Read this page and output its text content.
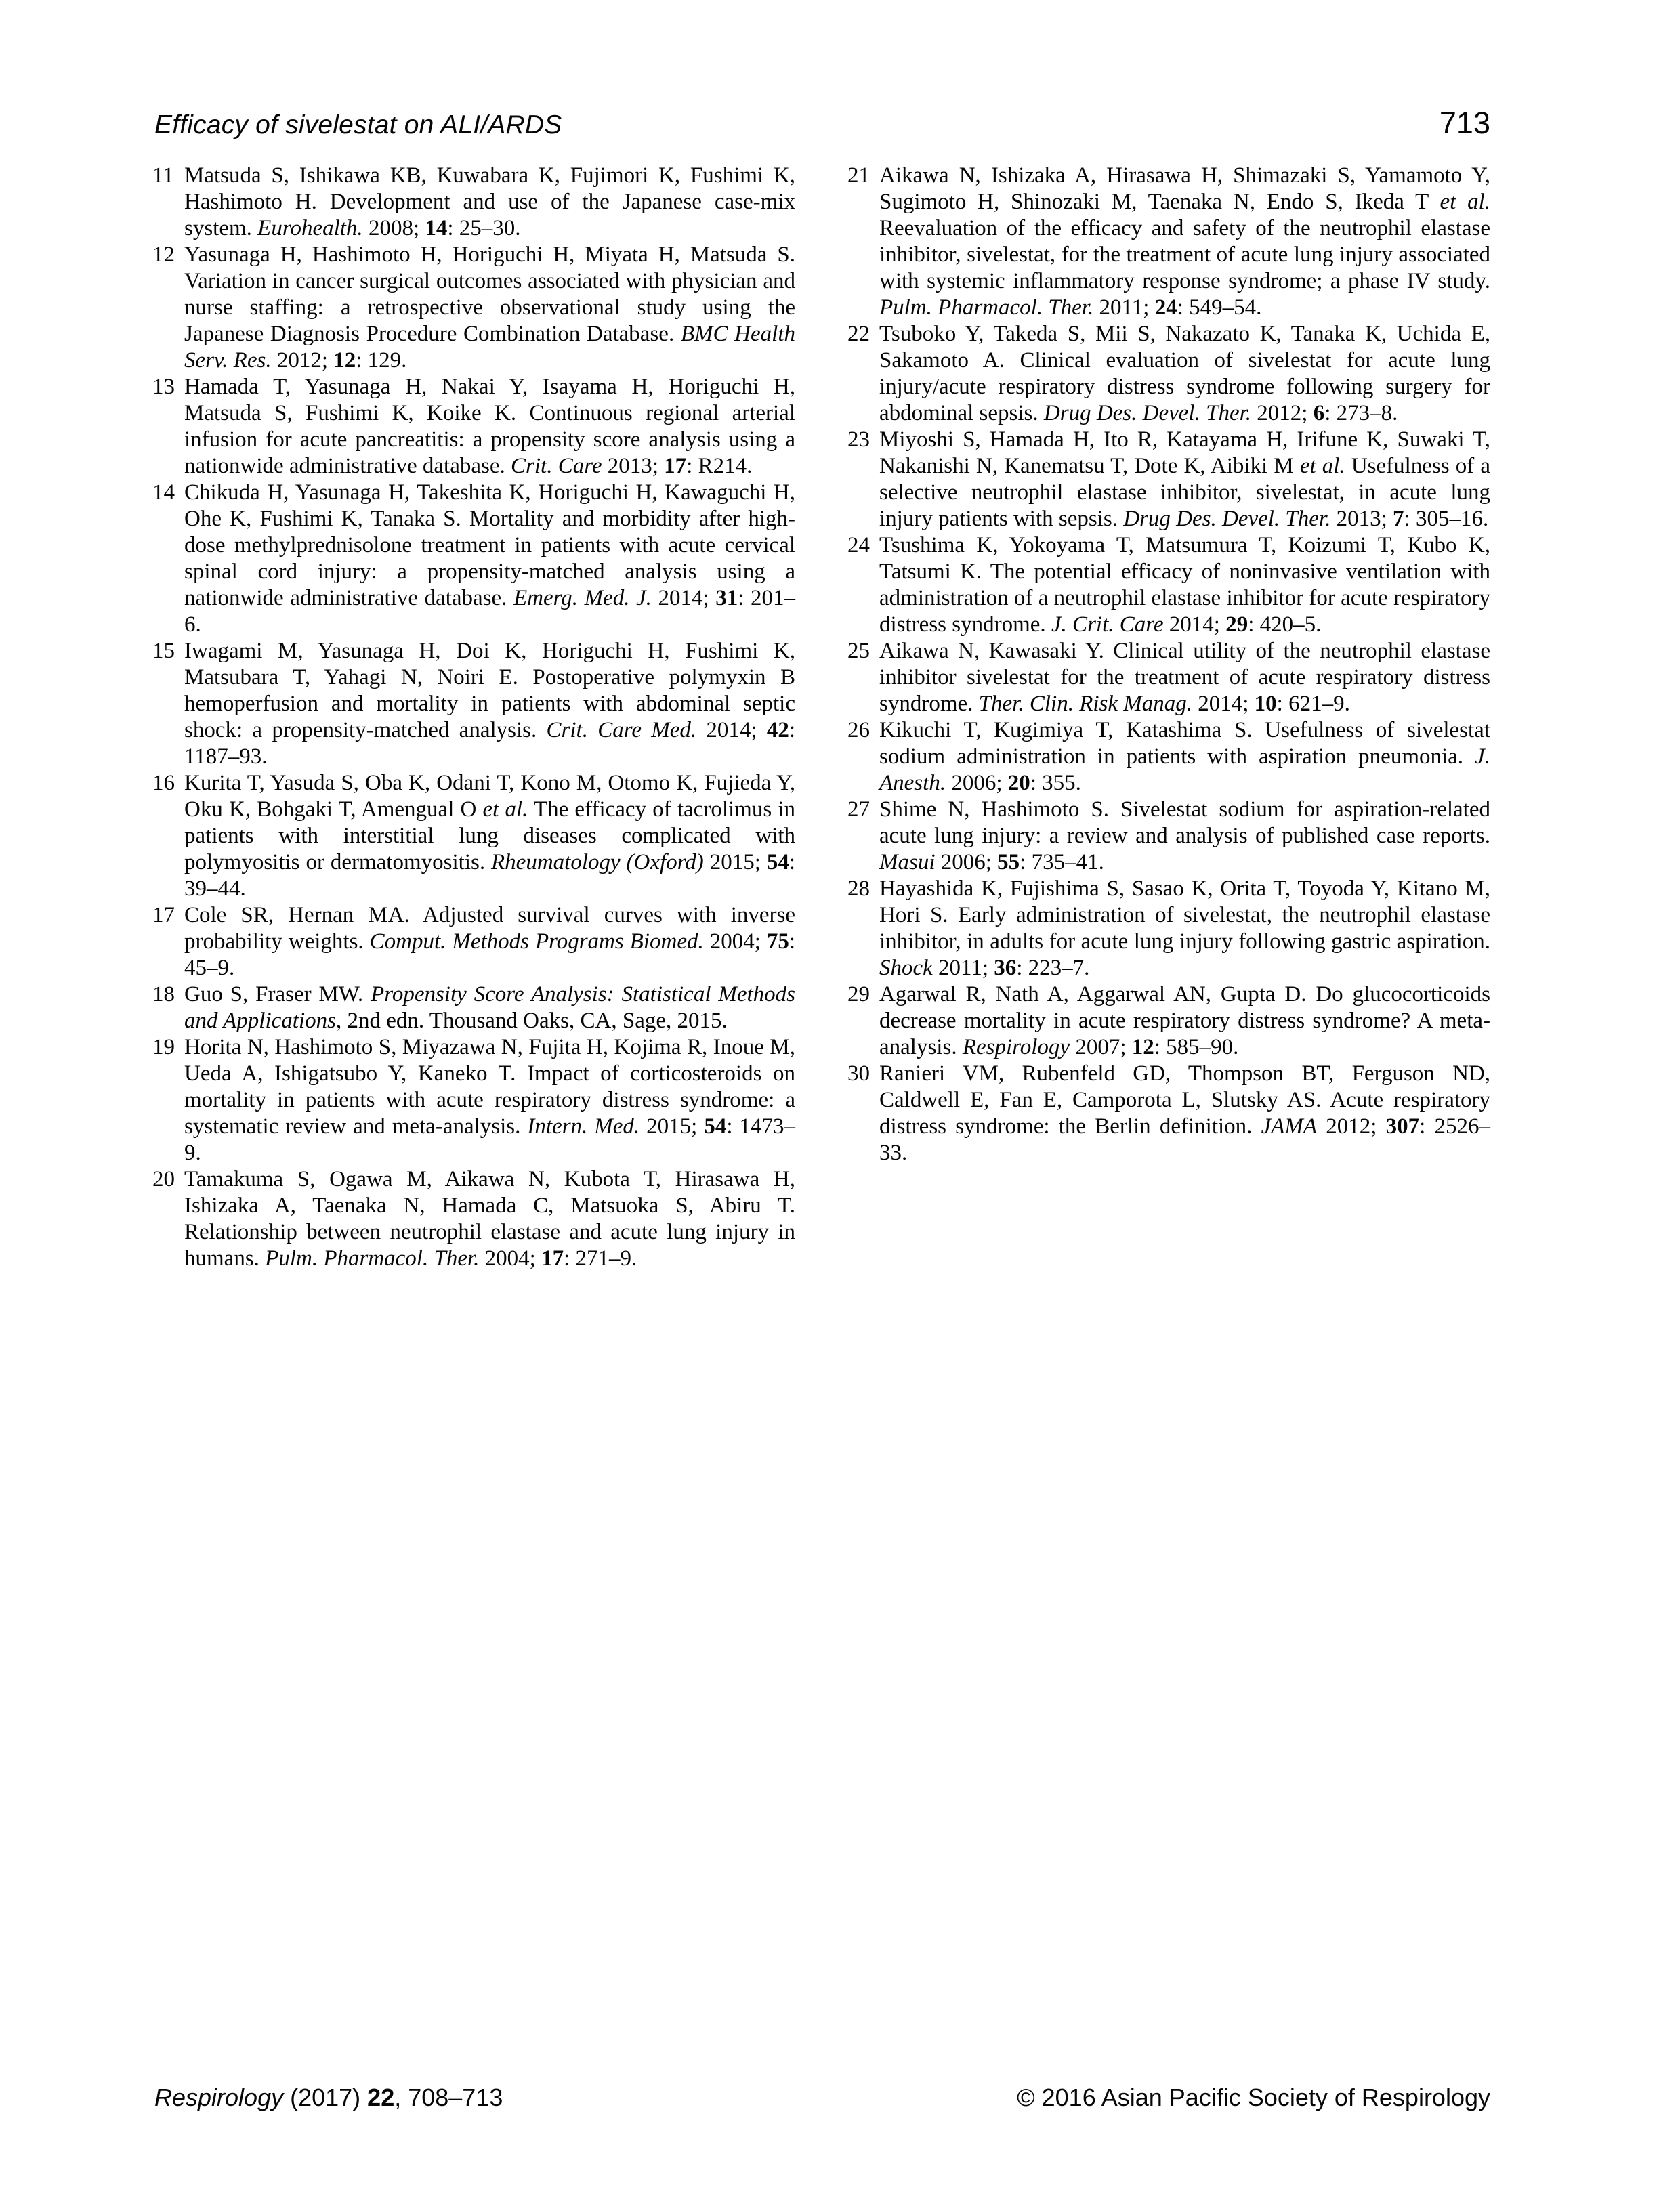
Efficacy of sivelestat on ALI/ARDS	713

11 Matsuda S, Ishikawa KB, Kuwabara K, Fujimori K, Fushimi K, Hashimoto H. Development and use of the Japanese case-mix system. Eurohealth. 2008; 14: 25–30.

12 Yasunaga H, Hashimoto H, Horiguchi H, Miyata H, Matsuda S. Variation in cancer surgical outcomes associated with physician and nurse staffing: a retrospective observational study using the Japanese Diagnosis Procedure Combination Database. BMC Health Serv. Res. 2012; 12: 129.

13 Hamada T, Yasunaga H, Nakai Y, Isayama H, Horiguchi H, Matsuda S, Fushimi K, Koike K. Continuous regional arterial infusion for acute pancreatitis: a propensity score analysis using a nationwide administrative database. Crit. Care 2013; 17: R214.

14 Chikuda H, Yasunaga H, Takeshita K, Horiguchi H, Kawaguchi H, Ohe K, Fushimi K, Tanaka S. Mortality and morbidity after high-dose methylprednisolone treatment in patients with acute cervical spinal cord injury: a propensity-matched analysis using a nationwide administrative database. Emerg. Med. J. 2014; 31: 201–6.

15 Iwagami M, Yasunaga H, Doi K, Horiguchi H, Fushimi K, Matsubara T, Yahagi N, Noiri E. Postoperative polymyxin B hemoperfusion and mortality in patients with abdominal septic shock: a propensity-matched analysis. Crit. Care Med. 2014; 42: 1187–93.

16 Kurita T, Yasuda S, Oba K, Odani T, Kono M, Otomo K, Fujieda Y, Oku K, Bohgaki T, Amengual O et al. The efficacy of tacrolimus in patients with interstitial lung diseases complicated with polymyositis or dermatomyositis. Rheumatology (Oxford) 2015; 54: 39–44.

17 Cole SR, Hernan MA. Adjusted survival curves with inverse probability weights. Comput. Methods Programs Biomed. 2004; 75: 45–9.

18 Guo S, Fraser MW. Propensity Score Analysis: Statistical Methods and Applications, 2nd edn. Thousand Oaks, CA, Sage, 2015.

19 Horita N, Hashimoto S, Miyazawa N, Fujita H, Kojima R, Inoue M, Ueda A, Ishigatsubo Y, Kaneko T. Impact of corticosteroids on mortality in patients with acute respiratory distress syndrome: a systematic review and meta-analysis. Intern. Med. 2015; 54: 1473–9.

20 Tamakuma S, Ogawa M, Aikawa N, Kubota T, Hirasawa H, Ishizaka A, Taenaka N, Hamada C, Matsuoka S, Abiru T. Relationship between neutrophil elastase and acute lung injury in humans. Pulm. Pharmacol. Ther. 2004; 17: 271–9.

21 Aikawa N, Ishizaka A, Hirasawa H, Shimazaki S, Yamamoto Y, Sugimoto H, Shinozaki M, Taenaka N, Endo S, Ikeda T et al. Reevaluation of the efficacy and safety of the neutrophil elastase inhibitor, sivelestat, for the treatment of acute lung injury associated with systemic inflammatory response syndrome; a phase IV study. Pulm. Pharmacol. Ther. 2011; 24: 549–54.

22 Tsuboko Y, Takeda S, Mii S, Nakazato K, Tanaka K, Uchida E, Sakamoto A. Clinical evaluation of sivelestat for acute lung injury/acute respiratory distress syndrome following surgery for abdominal sepsis. Drug Des. Devel. Ther. 2012; 6: 273–8.

23 Miyoshi S, Hamada H, Ito R, Katayama H, Irifune K, Suwaki T, Nakanishi N, Kanematsu T, Dote K, Aibiki M et al. Usefulness of a selective neutrophil elastase inhibitor, sivelestat, in acute lung injury patients with sepsis. Drug Des. Devel. Ther. 2013; 7: 305–16.

24 Tsushima K, Yokoyama T, Matsumura T, Koizumi T, Kubo K, Tatsumi K. The potential efficacy of noninvasive ventilation with administration of a neutrophil elastase inhibitor for acute respiratory distress syndrome. J. Crit. Care 2014; 29: 420–5.

25 Aikawa N, Kawasaki Y. Clinical utility of the neutrophil elastase inhibitor sivelestat for the treatment of acute respiratory distress syndrome. Ther. Clin. Risk Manag. 2014; 10: 621–9.

26 Kikuchi T, Kugimiya T, Katashima S. Usefulness of sivelestat sodium administration in patients with aspiration pneumonia. J. Anesth. 2006; 20: 355.

27 Shime N, Hashimoto S. Sivelestat sodium for aspiration-related acute lung injury: a review and analysis of published case reports. Masui 2006; 55: 735–41.

28 Hayashida K, Fujishima S, Sasao K, Orita T, Toyoda Y, Kitano M, Hori S. Early administration of sivelestat, the neutrophil elastase inhibitor, in adults for acute lung injury following gastric aspiration. Shock 2011; 36: 223–7.

29 Agarwal R, Nath A, Aggarwal AN, Gupta D. Do glucocorticoids decrease mortality in acute respiratory distress syndrome? A meta-analysis. Respirology 2007; 12: 585–90.

30 Ranieri VM, Rubenfeld GD, Thompson BT, Ferguson ND, Caldwell E, Fan E, Camporota L, Slutsky AS. Acute respiratory distress syndrome: the Berlin definition. JAMA 2012; 307: 2526–33.

Respirology (2017) 22, 708–713	© 2016 Asian Pacific Society of Respirology
